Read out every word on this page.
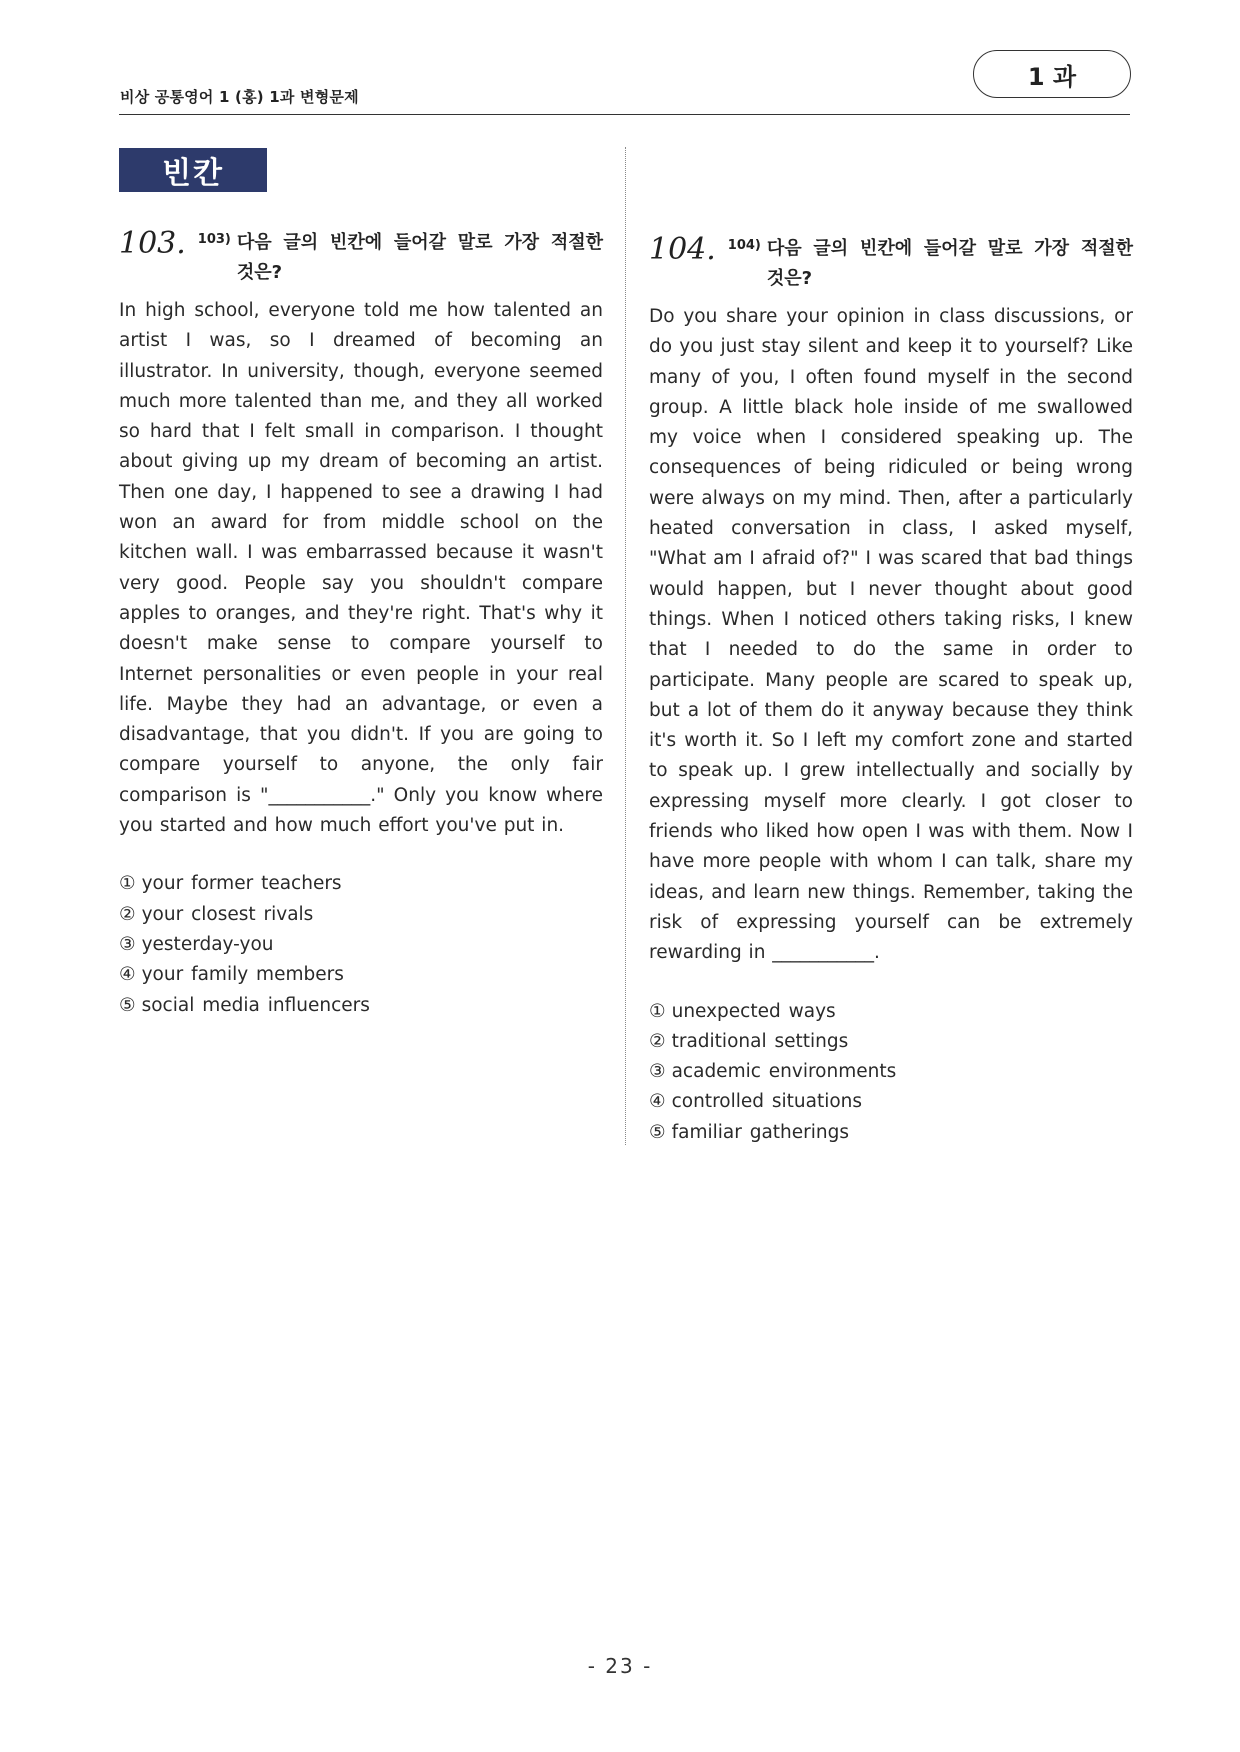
비상 공통영어 1 (홍) 1과 변형문제
1 과
빈칸
103. 103) 다음 글의 빈칸에 들어갈 말로 가장 적절한 것은?
In high school, everyone told me how talented an artist I was, so I dreamed of becoming an illustrator. In university, though, everyone seemed much more talented than me, and they all worked so hard that I felt small in comparison. I thought about giving up my dream of becoming an artist. Then one day, I happened to see a drawing I had won an award for from middle school on the kitchen wall. I was embarrassed because it wasn't very good. People say you shouldn't compare apples to oranges, and they're right. That's why it doesn't make sense to compare yourself to Internet personalities or even people in your real life. Maybe they had an advantage, or even a disadvantage, that you didn't. If you are going to compare yourself to anyone, the only fair comparison is "___________." Only you know where you started and how much effort you've put in.
① your former teachers
② your closest rivals
③ yesterday-you
④ your family members
⑤ social media influencers
104. 104) 다음 글의 빈칸에 들어갈 말로 가장 적절한 것은?
Do you share your opinion in class discussions, or do you just stay silent and keep it to yourself? Like many of you, I often found myself in the second group. A little black hole inside of me swallowed my voice when I considered speaking up. The consequences of being ridiculed or being wrong were always on my mind. Then, after a particularly heated conversation in class, I asked myself, "What am I afraid of?" I was scared that bad things would happen, but I never thought about good things. When I noticed others taking risks, I knew that I needed to do the same in order to participate. Many people are scared to speak up, but a lot of them do it anyway because they think it's worth it. So I left my comfort zone and started to speak up. I grew intellectually and socially by expressing myself more clearly. I got closer to friends who liked how open I was with them. Now I have more people with whom I can talk, share my ideas, and learn new things. Remember, taking the risk of expressing yourself can be extremely rewarding in ___________.
① unexpected ways
② traditional settings
③ academic environments
④ controlled situations
⑤ familiar gatherings
- 23 -
